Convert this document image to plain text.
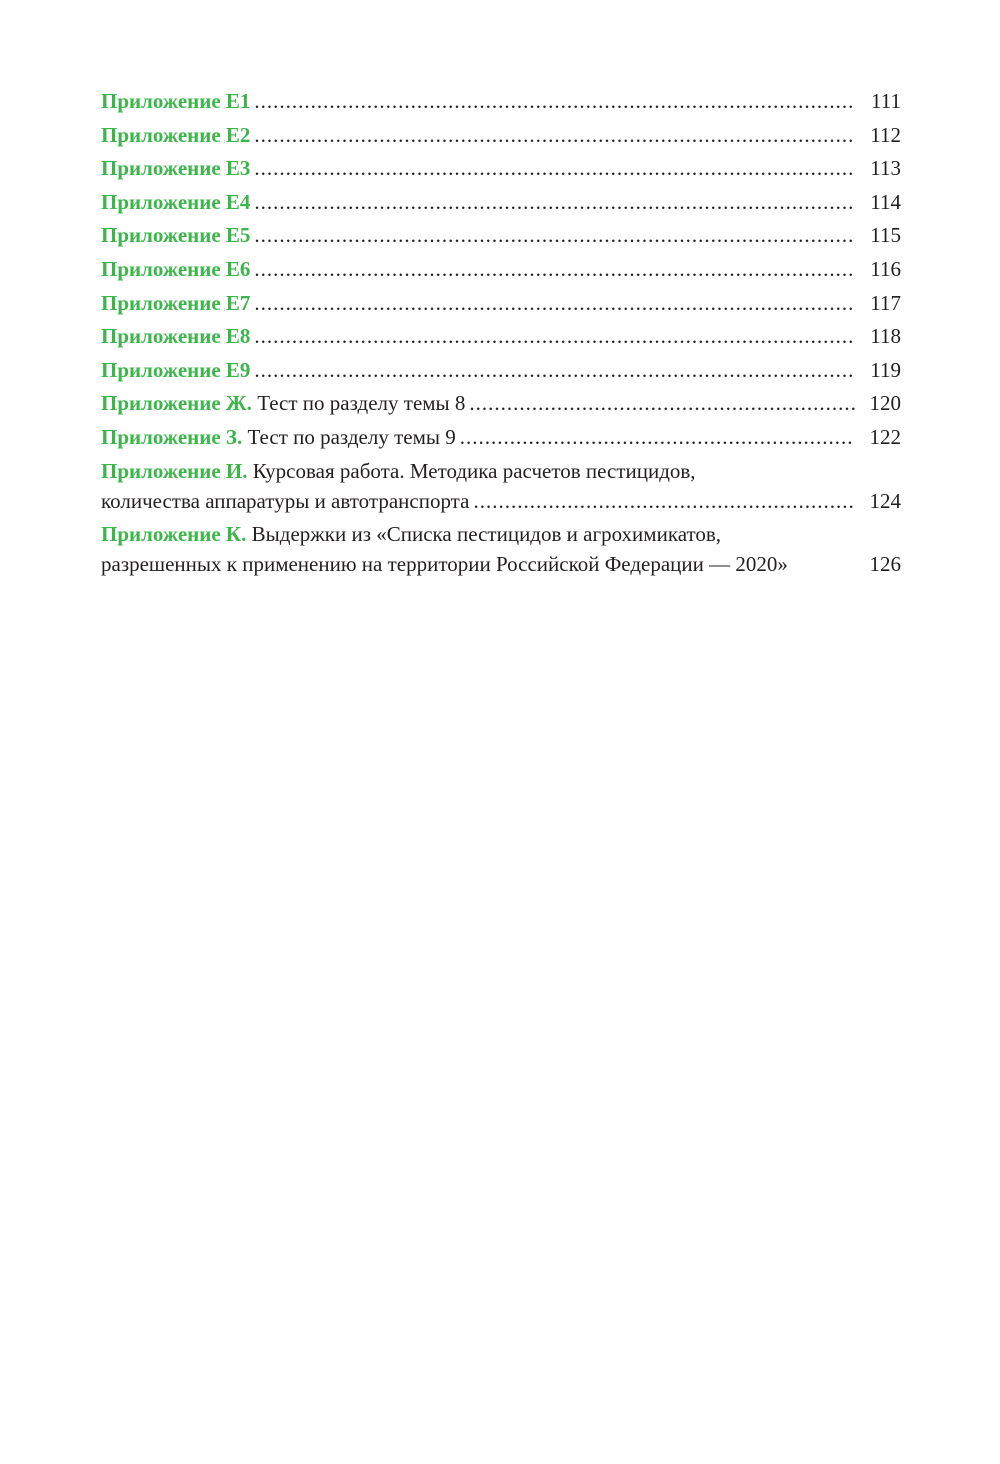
Приложение Е1 .....	111
Приложение Е2 .....	112
Приложение Е3 .....	113
Приложение Е4 .....	114
Приложение Е5 .....	115
Приложение Е6 .....	116
Приложение Е7 .....	117
Приложение Е8 .....	118
Приложение Е9 .....	119
Приложение Ж.
Тест по разделу темы 8 .....	120
Приложение З.
Тест по разделу темы 9 .....	122
Приложение И.
Курсовая работа. Методика расчетов пестицидов,
количества аппаратуры и автотранспорта .....	124
Приложение К.
Выдержки из «Списка пестицидов и агрохимикатов,
разрешенных к применению на территории Российской Федерации — 2020»	126
